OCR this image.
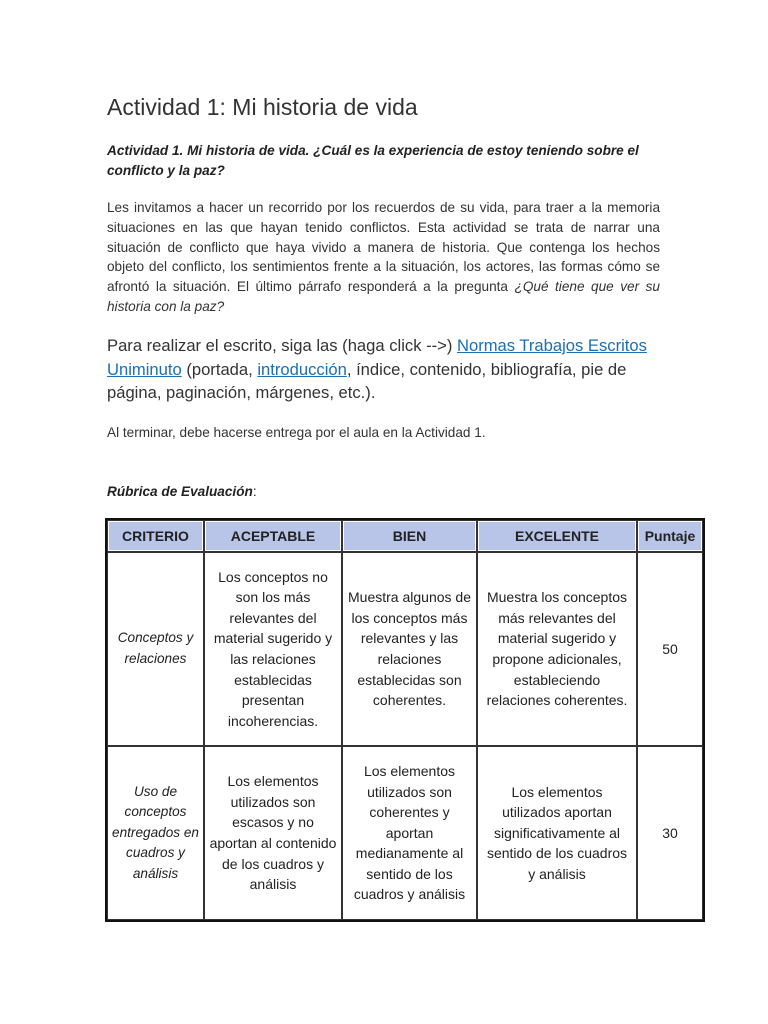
Actividad 1: Mi historia de vida

Actividad 1. Mi historia de vida. ¿Cuál es la experiencia de estoy teniendo sobre el conflicto y la paz?

Les invitamos a hacer un recorrido por los recuerdos de su vida, para traer a la memoria situaciones en las que hayan tenido conflictos. Esta actividad se trata de narrar una situación de conflicto que haya vivido a manera de historia. Que contenga los hechos objeto del conflicto, los sentimientos frente a la situación, los actores, las formas cómo se afrontó la situación. El último párrafo responderá a la pregunta ¿Qué tiene que ver su historia con la paz?

Para realizar el escrito, siga las (haga click -->) Normas Trabajos Escritos Uniminuto (portada, introducción, índice, contenido, bibliografía, pie de página, paginación, márgenes, etc.).

Al terminar, debe hacerse entrega por el aula en la Actividad 1.

Rúbrica de Evaluación:

CRITERIO	ACEPTABLE	BIEN	EXCELENTE	Puntaje
Conceptos y relaciones	Los conceptos no son los más relevantes del material sugerido y las relaciones establecidas presentan incoherencias.	Muestra algunos de los conceptos más relevantes y las relaciones establecidas son coherentes.	Muestra los conceptos más relevantes del material sugerido y propone adicionales, estableciendo relaciones coherentes.	50
Uso de conceptos entregados en cuadros y análisis	Los elementos utilizados son escasos y no aportan al contenido de los cuadros y análisis	Los elementos utilizados son coherentes y aportan medianamente al sentido de los cuadros y análisis	Los elementos utilizados aportan significativamente al sentido de los cuadros y análisis	30
